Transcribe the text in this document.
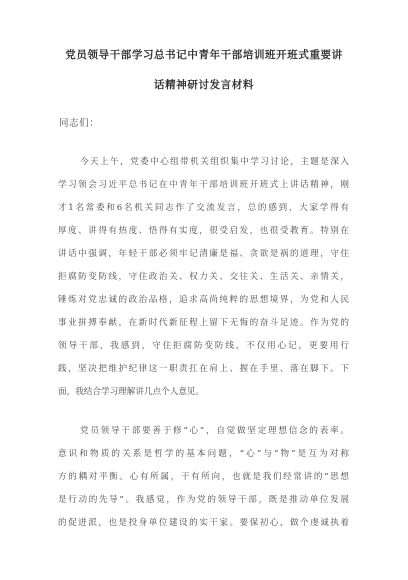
党员领导干部学习总书记中青年干部培训班开班式重要讲
话精神研讨发言材料
同志们：
今天上午，党委中心组带机关组织集中学习讨论，主题是深入
学习领会习近平总书记在中青年干部培训班开班式上讲话精神，刚
才1名常委和6名机关同志作了交流发言，总的感到，大家学得有
厚度、讲得有热度、悟得有实度，很受启发，也很受教育。特别在
讲话中强调，年轻干部必须牢记清廉是福、贪欲是祸的道理，守住
拒腐防变防线，守住政治关、权力关、交往关、生活关、亲情关，
锤炼对党忠诚的政治品格，追求高尚纯粹的思想境界，为党和人民
事业拼搏奉献，在新时代新征程上留下无悔的奋斗足迹。作为党的
领导干部，我感到，守住拒腐防变防线，不仅用心记，更要用行
践，坚决把维护纪律这一职责扛在肩上、握在手里、落在脚下。下
面，我结合学习理解讲几点个人意见。
党员领导干部要善于修“心”，自觉做坚定理想信念的表率。
意识和物质的关系是哲学的基本问题，“心”与“物”是互为对称
方的耦对平衡。心有所属，干有所向，也就是我们经常讲的“思想
是行动的先导”。我感觉，作为党的领导干部，既是推动单位发展
的促进派，也是投身单位建设的实干家。要保初心，做个虔诚执着
